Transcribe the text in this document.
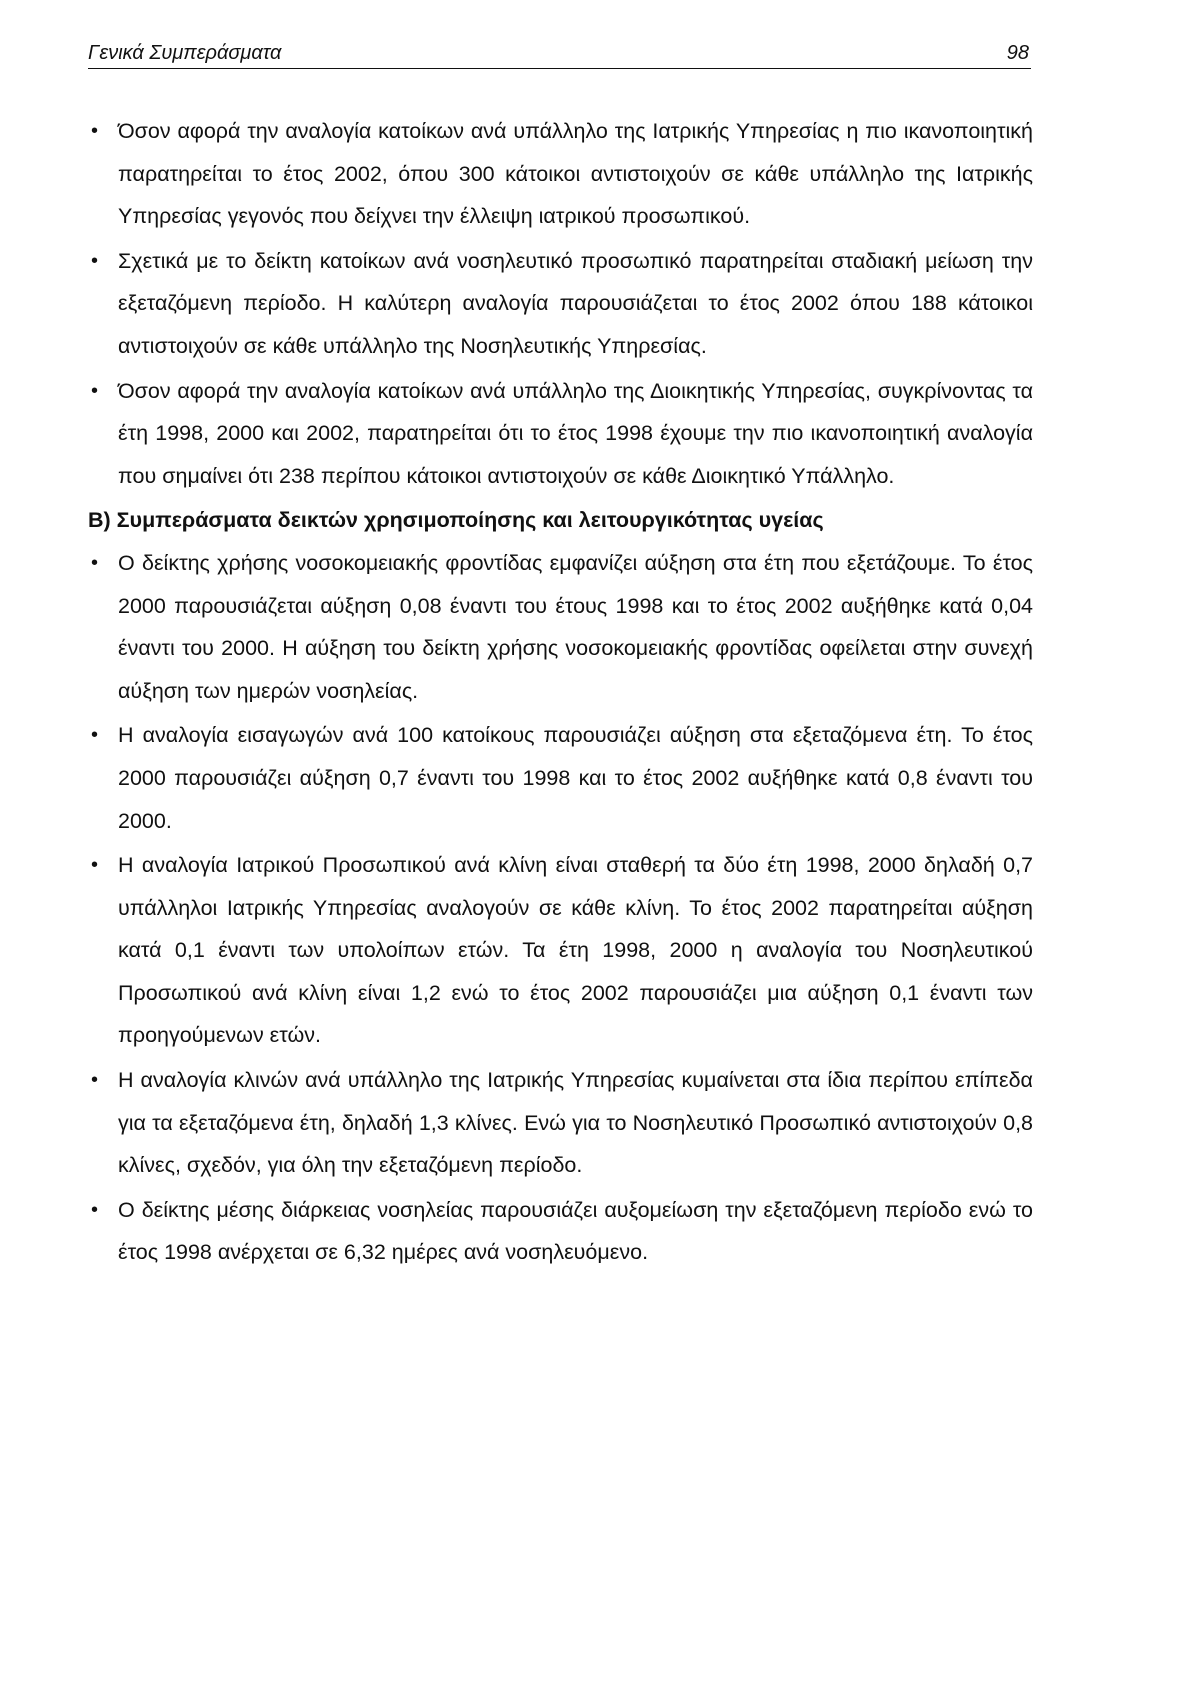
Γενικά Συμπεράσματα	98
• Όσον αφορά την αναλογία κατοίκων ανά υπάλληλο της Ιατρικής Υπηρεσίας η πιο ικανοποιητική παρατηρείται το έτος 2002, όπου 300 κάτοικοι αντιστοιχούν σε κάθε υπάλληλο της Ιατρικής Υπηρεσίας γεγονός που δείχνει την έλλειψη ιατρικού προσωπικού.
• Σχετικά με το δείκτη κατοίκων ανά νοσηλευτικό προσωπικό παρατηρείται σταδιακή μείωση την εξεταζόμενη περίοδο. Η καλύτερη αναλογία παρουσιάζεται το έτος 2002 όπου 188 κάτοικοι αντιστοιχούν σε κάθε υπάλληλο της Νοσηλευτικής Υπηρεσίας.
• Όσον αφορά την αναλογία κατοίκων ανά υπάλληλο της Διοικητικής Υπηρεσίας, συγκρίνοντας τα έτη 1998, 2000 και 2002, παρατηρείται ότι το έτος 1998 έχουμε την πιο ικανοποιητική αναλογία που σημαίνει ότι 238 περίπου κάτοικοι αντιστοιχούν σε κάθε Διοικητικό Υπάλληλο.
Β) Συμπεράσματα δεικτών χρησιμοποίησης και λειτουργικότητας υγείας
• Ο δείκτης χρήσης νοσοκομειακής φροντίδας εμφανίζει αύξηση στα έτη που εξετάζουμε. Το έτος 2000 παρουσιάζεται αύξηση 0,08 έναντι του έτους 1998 και το έτος 2002 αυξήθηκε κατά 0,04 έναντι του 2000. Η αύξηση του δείκτη χρήσης νοσοκομειακής φροντίδας οφείλεται στην συνεχή αύξηση των ημερών νοσηλείας.
• Η αναλογία εισαγωγών ανά 100 κατοίκους παρουσιάζει αύξηση στα εξεταζόμενα έτη. Το έτος 2000 παρουσιάζει αύξηση 0,7 έναντι του 1998 και το έτος 2002 αυξήθηκε κατά 0,8 έναντι του 2000.
• Η αναλογία Ιατρικού Προσωπικού ανά κλίνη είναι σταθερή τα δύο έτη 1998, 2000 δηλαδή 0,7 υπάλληλοι Ιατρικής Υπηρεσίας αναλογούν σε κάθε κλίνη. Το έτος 2002 παρατηρείται αύξηση κατά 0,1 έναντι των υπολοίπων ετών. Τα έτη 1998, 2000 η αναλογία του Νοσηλευτικού Προσωπικού ανά κλίνη είναι 1,2 ενώ το έτος 2002 παρουσιάζει μια αύξηση 0,1 έναντι των προηγούμενων ετών.
• Η αναλογία κλινών ανά υπάλληλο της Ιατρικής Υπηρεσίας κυμαίνεται στα ίδια περίπου επίπεδα για τα εξεταζόμενα έτη, δηλαδή 1,3 κλίνες. Ενώ για το Νοσηλευτικό Προσωπικό αντιστοιχούν 0,8 κλίνες, σχεδόν, για όλη την εξεταζόμενη περίοδο.
• Ο δείκτης μέσης διάρκειας νοσηλείας παρουσιάζει αυξομείωση την εξεταζόμενη περίοδο ενώ το έτος 1998 ανέρχεται σε 6,32 ημέρες ανά νοσηλευόμενο.
